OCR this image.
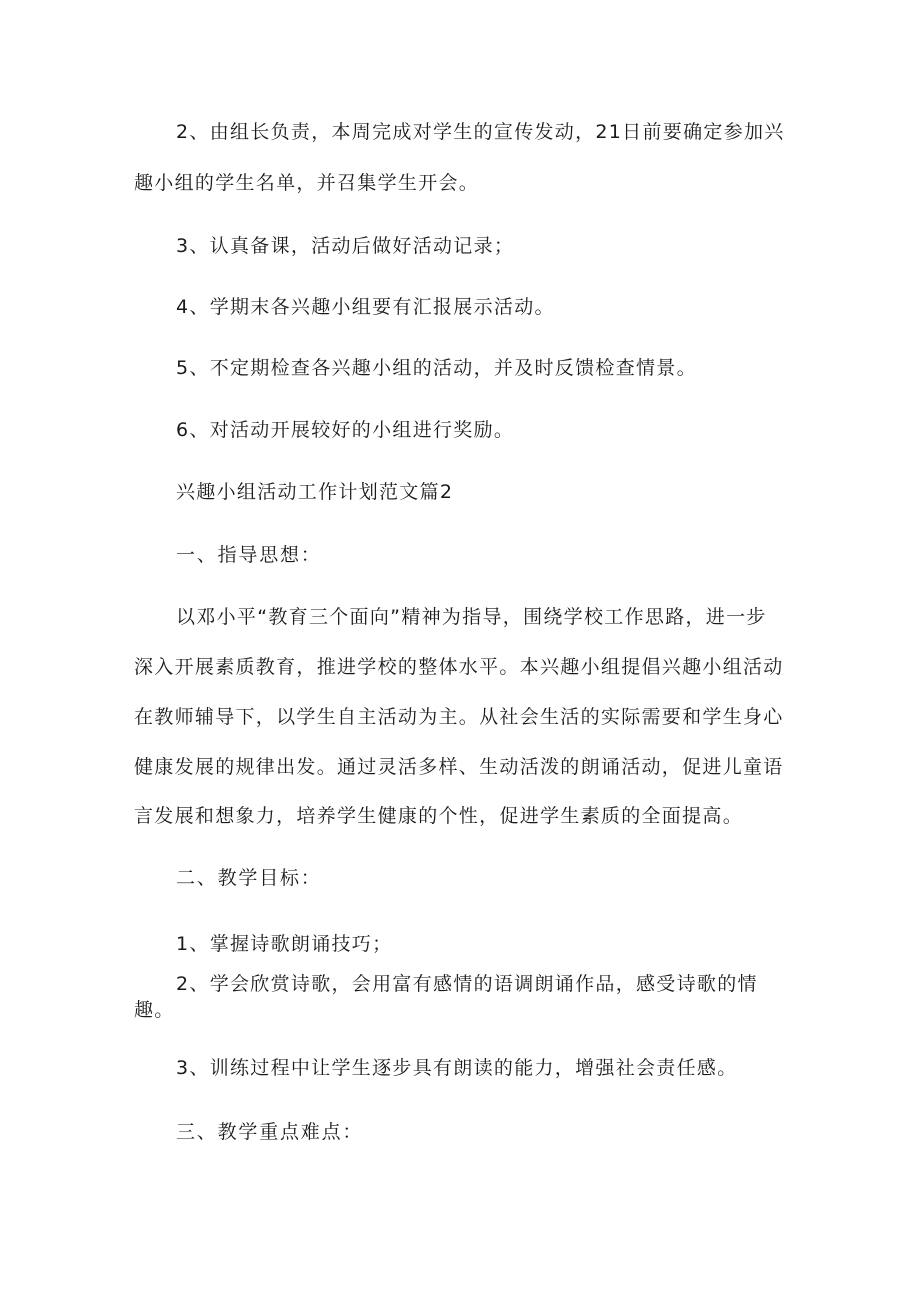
2、由组长负责，本周完成对学生的宣传发动，21日前要确定参加兴

趣小组的学生名单，并召集学生开会。

3、认真备课，活动后做好活动记录；

4、学期末各兴趣小组要有汇报展示活动。

5、不定期检查各兴趣小组的活动，并及时反馈检查情景。

6、对活动开展较好的小组进行奖励。

兴趣小组活动工作计划范文篇2

一、指导思想：

以邓小平“教育三个面向”精神为指导，围绕学校工作思路，进一步

深入开展素质教育，推进学校的整体水平。本兴趣小组提倡兴趣小组活动

在教师辅导下，以学生自主活动为主。从社会生活的实际需要和学生身心

健康发展的规律出发。通过灵活多样、生动活泼的朗诵活动，促进儿童语

言发展和想象力，培养学生健康的个性，促进学生素质的全面提高。

二、教学目标：

1、掌握诗歌朗诵技巧；

2、学会欣赏诗歌，会用富有感情的语调朗诵作品，感受诗歌的情

趣。

3、训练过程中让学生逐步具有朗读的能力，增强社会责任感。

三、教学重点难点：
